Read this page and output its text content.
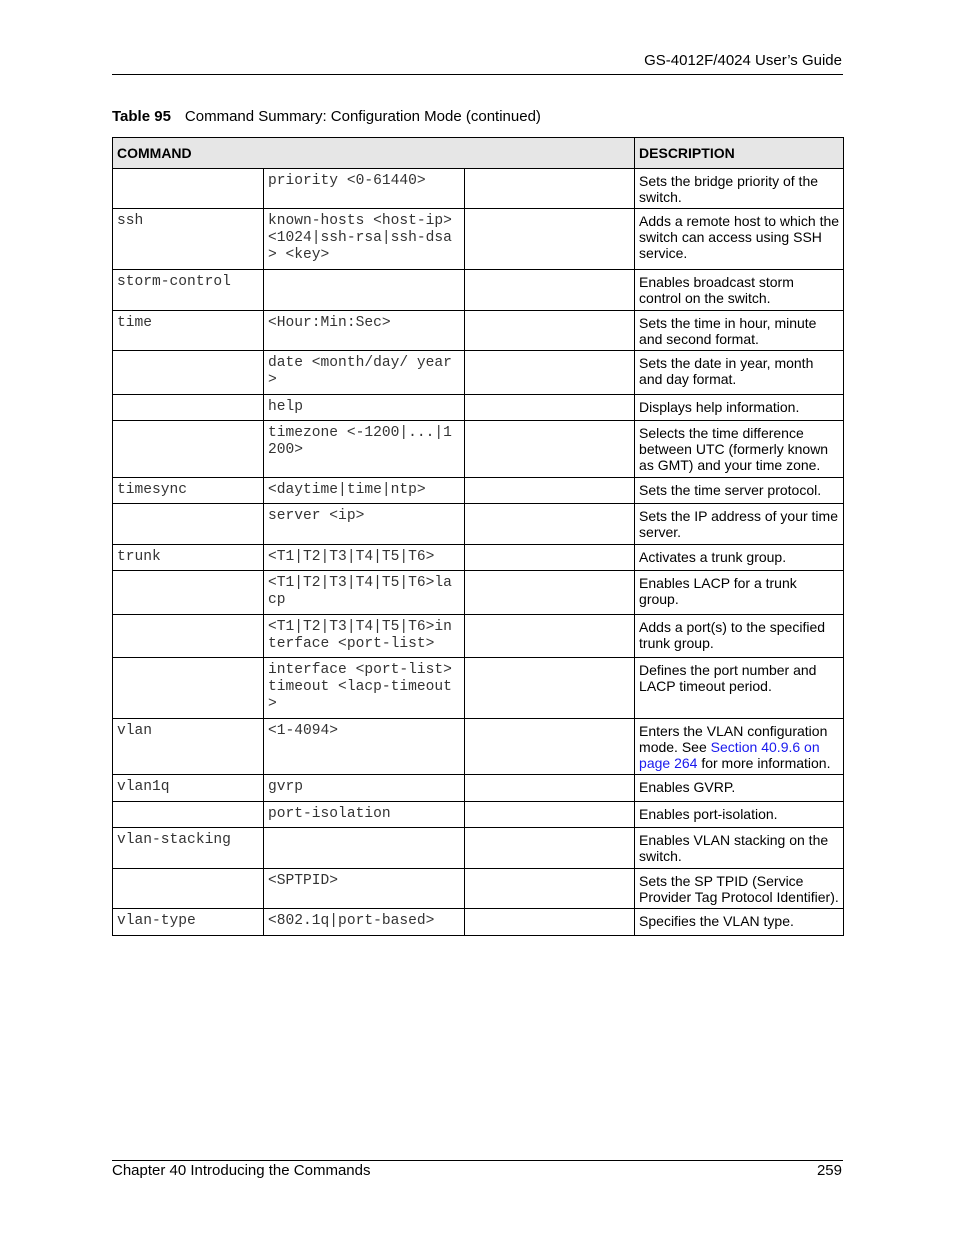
GS-4012F/4024 User’s Guide
Table 95 Command Summary: Configuration Mode (continued)
COMMAND			DESCRIPTION
	priority <0-61440>		Sets the bridge priority of the switch.
ssh	known-hosts <host-ip> <1024|ssh-rsa|ssh-dsa> <key>		Adds a remote host to which the switch can access using SSH service.
storm-control			Enables broadcast storm control on the switch.
time	<Hour:Min:Sec>		Sets the time in hour, minute and second format.
	date <month/day/ year>		Sets the date in year, month and day format.
	help		Displays help information.
	timezone <-1200|...|1200>		Selects the time difference between UTC (formerly known as GMT) and your time zone.
timesync	<daytime|time|ntp>		Sets the time server protocol.
	server <ip>		Sets the IP address of your time server.
trunk	<T1|T2|T3|T4|T5|T6>		Activates a trunk group.
	<T1|T2|T3|T4|T5|T6>lacp		Enables LACP for a trunk group.
	<T1|T2|T3|T4|T5|T6>interface <port-list>		Adds a port(s) to the specified trunk group.
	interface <port-list> timeout <lacp-timeout>		Defines the port number and LACP timeout period.
vlan	<1-4094>		Enters the VLAN configuration mode. See Section 40.9.6 on page 264 for more information.
vlan1q	gvrp		Enables GVRP.
	port-isolation		Enables port-isolation.
vlan-stacking			Enables VLAN stacking on the switch.
	<SPTPID>		Sets the SP TPID (Service Provider Tag Protocol Identifier).
vlan-type	<802.1q|port-based>		Specifies the VLAN type.
Chapter 40 Introducing the Commands	259
